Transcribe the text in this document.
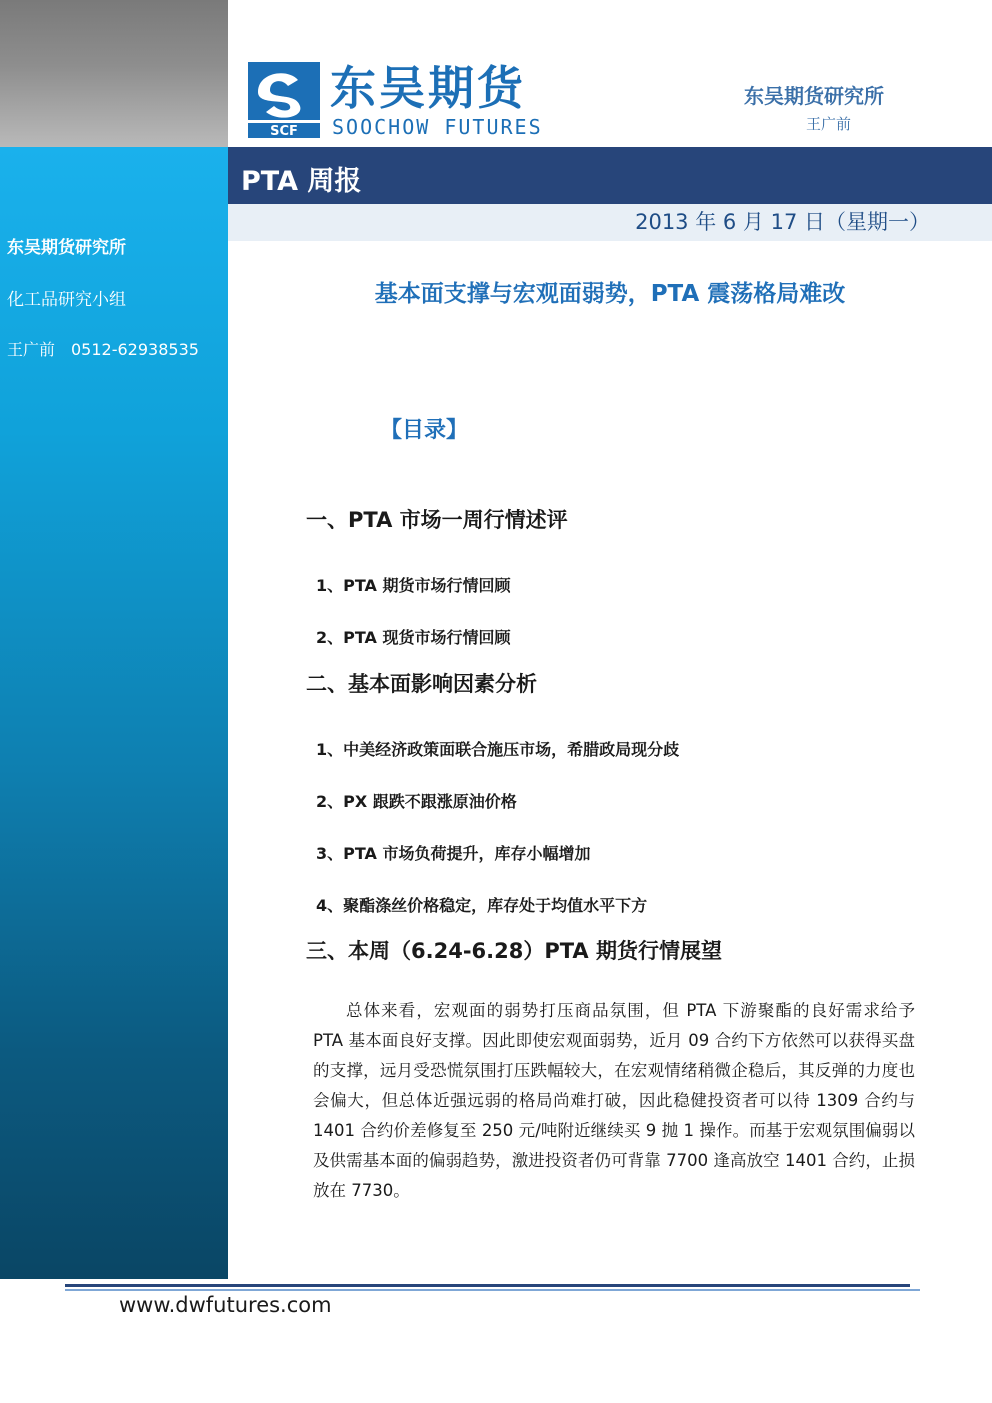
东吴期货研究所
化工品研究小组
王广前　0512-62938535
SCF
东吴期货
SOOCHOW FUTURES
东吴期货研究所
王广前
PTA 周报
2013 年 6 月 17 日（星期一）
基本面支撑与宏观面弱势，PTA 震荡格局难改
【目录】
一、PTA 市场一周行情述评
1、PTA 期货市场行情回顾
2、PTA 现货市场行情回顾
二、基本面影响因素分析
1、中美经济政策面联合施压市场，希腊政局现分歧
2、PX 跟跌不跟涨原油价格
3、PTA 市场负荷提升，库存小幅增加
4、聚酯涤丝价格稳定，库存处于均值水平下方
三、本周（6.24-6.28）PTA 期货行情展望
总体来看，宏观面的弱势打压商品氛围，但 PTA 下游聚酯的良好需求给予 PTA 基本面良好支撑。因此即使宏观面弱势，近月 09 合约下方依然可以获得买盘的支撑，远月受恐慌氛围打压跌幅较大，在宏观情绪稍微企稳后，其反弹的力度也会偏大，但总体近强远弱的格局尚难打破，因此稳健投资者可以待 1309 合约与 1401 合约价差修复至 250 元/吨附近继续买 9 抛 1 操作。而基于宏观氛围偏弱以及供需基本面的偏弱趋势，激进投资者仍可背靠 7700 逢高放空 1401 合约，止损放在 7730。
www.dwfutures.com
